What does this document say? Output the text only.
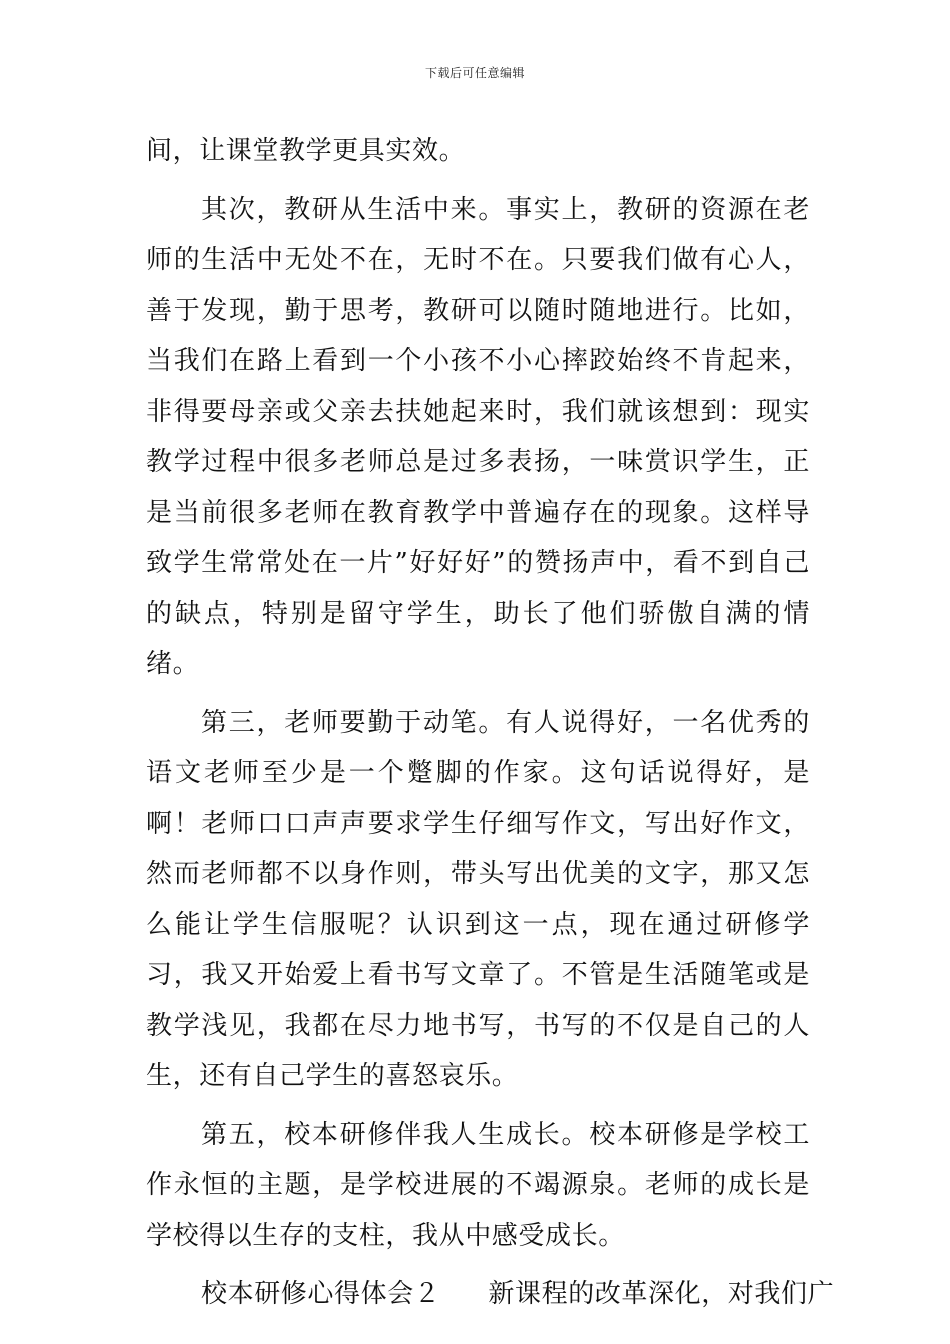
下载后可任意编辑

间，让课堂教学更具实效。

其次，教研从生活中来。事实上，教研的资源在老师的生活中无处不在，无时不在。只要我们做有心人，善于发现，勤于思考，教研可以随时随地进行。比如，当我们在路上看到一个小孩不小心摔跤始终不肯起来，非得要母亲或父亲去扶她起来时，我们就该想到：现实教学过程中很多老师总是过多表扬，一味赏识学生，正是当前很多老师在教育教学中普遍存在的现象。这样导致学生常常处在一片”好好好”的赞扬声中，看不到自己的缺点，特别是留守学生，助长了他们骄傲自满的情绪。

第三，老师要勤于动笔。有人说得好，一名优秀的语文老师至少是一个蹩脚的作家。这句话说得好，是啊！老师口口声声要求学生仔细写作文，写出好作文，然而老师都不以身作则，带头写出优美的文字，那又怎么能让学生信服呢？认识到这一点，现在通过研修学习，我又开始爱上看书写文章了。不管是生活随笔或是教学浅见，我都在尽力地书写，书写的不仅是自己的人生，还有自己学生的喜怒哀乐。

第五，校本研修伴我人生成长。校本研修是学校工作永恒的主题，是学校进展的不竭源泉。老师的成长是学校得以生存的支柱，我从中感受成长。

校本研修心得体会２ 新课程的改革深化，对我们广
